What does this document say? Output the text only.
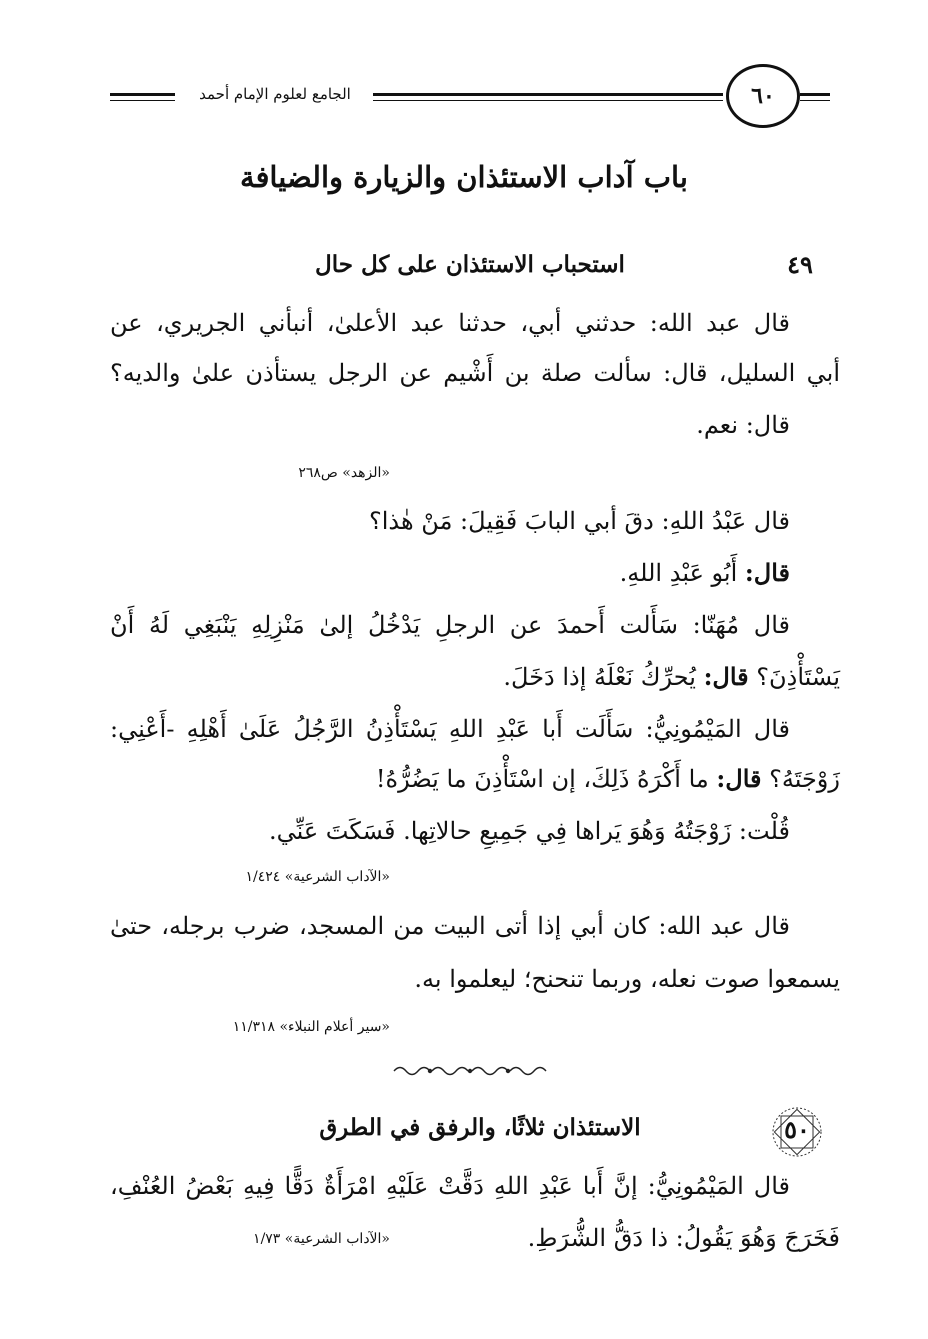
الجامع لعلوم الإمام أحمد	٦٠
باب آداب الاستئذان والزيارة والضيافة
٤٩
استحباب الاستئذان على كل حال
قال عبد الله: حدثني أبي، حدثنا عبد الأعلىٰ، أنبأني الجريري، عن
أبي السليل، قال: سألت صلة بن أَشْيم عن الرجل يستأذن علىٰ والديه؟
قال: نعم.
«الزهد» ص٢٦٨
قال عَبْدُ اللهِ: دقَ أبي البابَ فَقِيلَ: مَنْ هٰذا؟
قال: أَبُو عَبْدِ اللهِ.
قال مُهَنّا: سَأَلت أَحمدَ عن الرجلِ يَدْخُلُ إلىٰ مَنْزِلِهِ يَنْبَغِي لَهُ أَنْ
يَسْتَأْذِنَ؟ قال: يُحرِّكُ نَعْلَهُ إذا دَخَلَ.
قال المَيْمُونِيُّ: سَأَلَت أَبا عَبْدِ اللهِ يَسْتَأْذِنُ الرَّجُلُ عَلَىٰ أَهْلِهِ -أَعْنِي:
زَوْجَتَهُ؟ قال: ما أَكْرَهُ ذَلِكَ، إن اسْتَأْذِنَ ما يَضُرُّهُ!
قُلْت: زَوْجَتُهُ وَهُوَ يَراها فِي جَمِيعِ حالاتِها. فَسَكَتَ عَنِّي.
«الآداب الشرعية» ١/٤٢٤
قال عبد الله: كان أبي إذا أتى البيت من المسجد، ضرب برجله، حتىٰ
يسمعوا صوت نعله، وربما تنحنح؛ ليعلموا به.
«سير أعلام النبلاء» ١١/٣١٨
٥٠
الاستئذان ثلاثًا، والرفق في الطرق
قال المَيْمُونِيُّ: إنَّ أَبا عَبْدِ اللهِ دَقَّتْ عَلَيْهِ امْرَأَةٌ دَقًّا فِيهِ بَعْضُ العُنْفِ،
فَخَرَجَ وَهُوَ يَقُولُ: ذا دَقُّ الشُّرَطِ.
«الآداب الشرعية» ١/٧٣
